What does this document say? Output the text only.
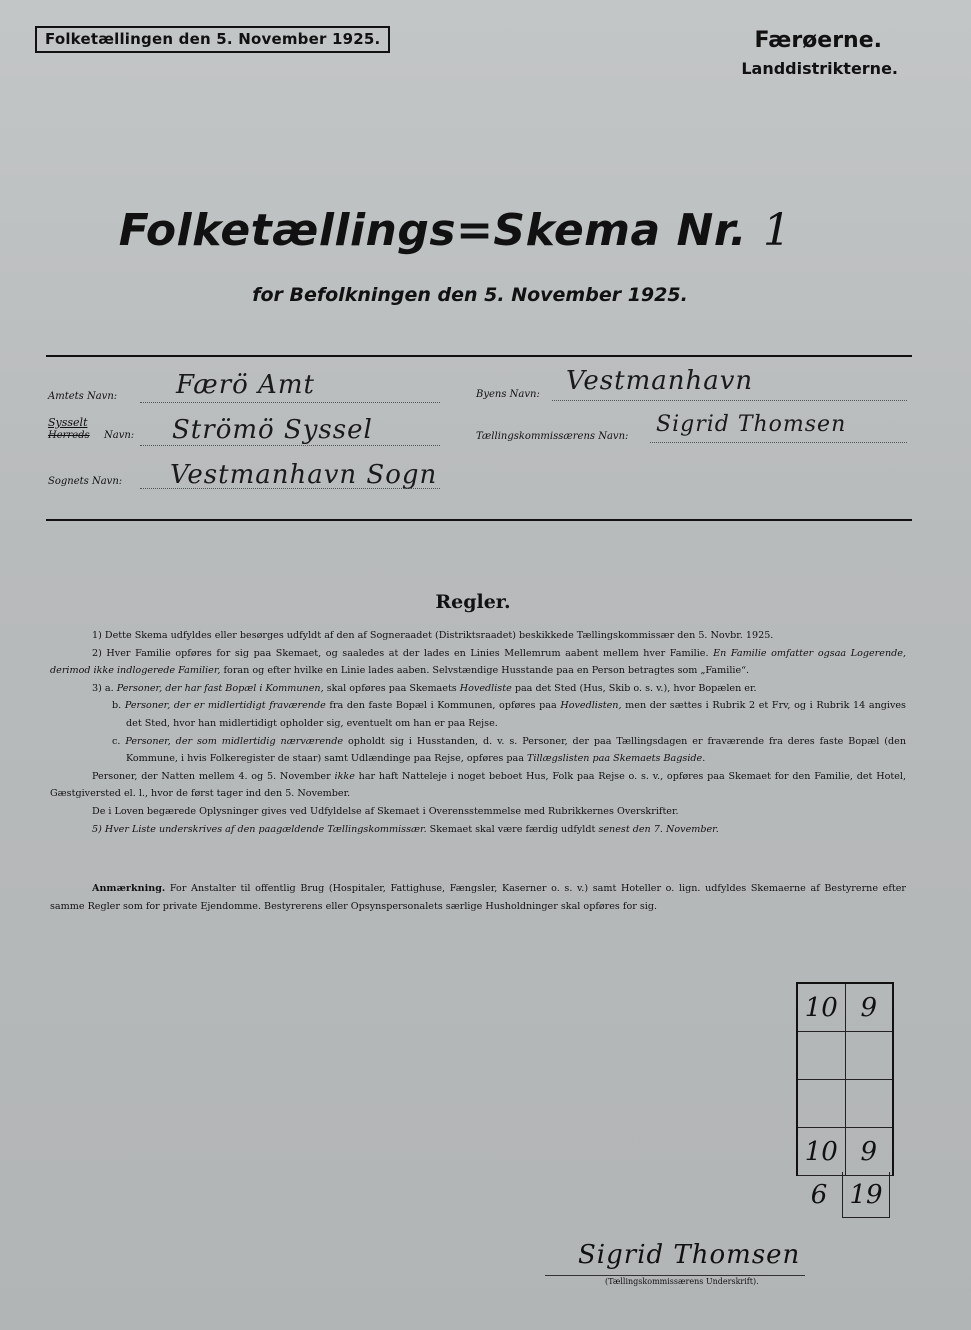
Folketællingen den 5. November 1925.	Færøerne.
Landdistrikterne.
Folketællings=Skema Nr. 1
for Befolkningen den 5. November 1925.
Amtets Navn: Færö Amt
Sysselt
Herreds Navn: Strömö Syssel
Sognets Navn: Vestmanhavn Sogn
Byens Navn: Vestmanhavn
Tællingskommissærens Navn: Sigrid Thomsen
Regler.

1) Dette Skema udfyldes eller besørges udfyldt af den af Sogneraadet (Distriktsraadet) beskikkede Tællingskommissær den 5. Novbr. 1925.

2) Hver Familie opføres for sig paa Skemaet, og saaledes at der lades en Linies Mellemrum aabent mellem hver Familie. En Familie omfatter ogsaa Logerende, derimod ikke indlogerede Familier, foran og efter hvilke en Linie lades aaben. Selvstændige Husstande paa en Person betragtes som „Familie“.

3) a. Personer, der har fast Bopæl i Kommunen, skal opføres paa Skemaets Hovedliste paa det Sted (Hus, Skib o. s. v.), hvor Bopælen er.

b. Personer, der er midlertidigt fraværende fra den faste Bopæl i Kommunen, opføres paa Hovedlisten, men der sættes i Rubrik 2 et Frv, og i Rubrik 14 angives det Sted, hvor han midlertidigt opholder sig, eventuelt om han er paa Rejse.

c. Personer, der som midlertidig nærværende opholdt sig i Husstanden, d. v. s. Personer, der paa Tællingsdagen er fraværende fra deres faste Bopæl (den Kommune, i hvis Folkeregister de staar) samt Udlændinge paa Rejse, opføres paa Tillægslisten paa Skemaets Bagside.

Personer, der Natten mellem 4. og 5. November ikke har haft Natteleje i noget beboet Hus, Folk paa Rejse o. s. v., opføres paa Skemaet for den Familie, det Hotel, Gæstgiversted el. l., hvor de først tager ind den 5. November.

De i Loven begærede Oplysninger gives ved Udfyldelse af Skemaet i Overensstemmelse med Rubrikkernes Overskrifter.

5) Hver Liste underskrives af den paagældende Tællingskommissær. Skemaet skal være færdig udfyldt senest den 7. November.

Anmærkning. For Anstalter til offentlig Brug (Hospitaler, Fattighuse, Fængsler, Kaserner o. s. v.) samt Hoteller o. lign. udfyldes Skemaerne af Bestyrerne efter samme Regler som for private Ejendomme. Bestyrerens eller Opsynspersonalets særlige Husholdninger skal opføres for sig.

10 9
10 9
6 19
Sigrid Thomsen
(Tællingskommissærens Underskrift).
